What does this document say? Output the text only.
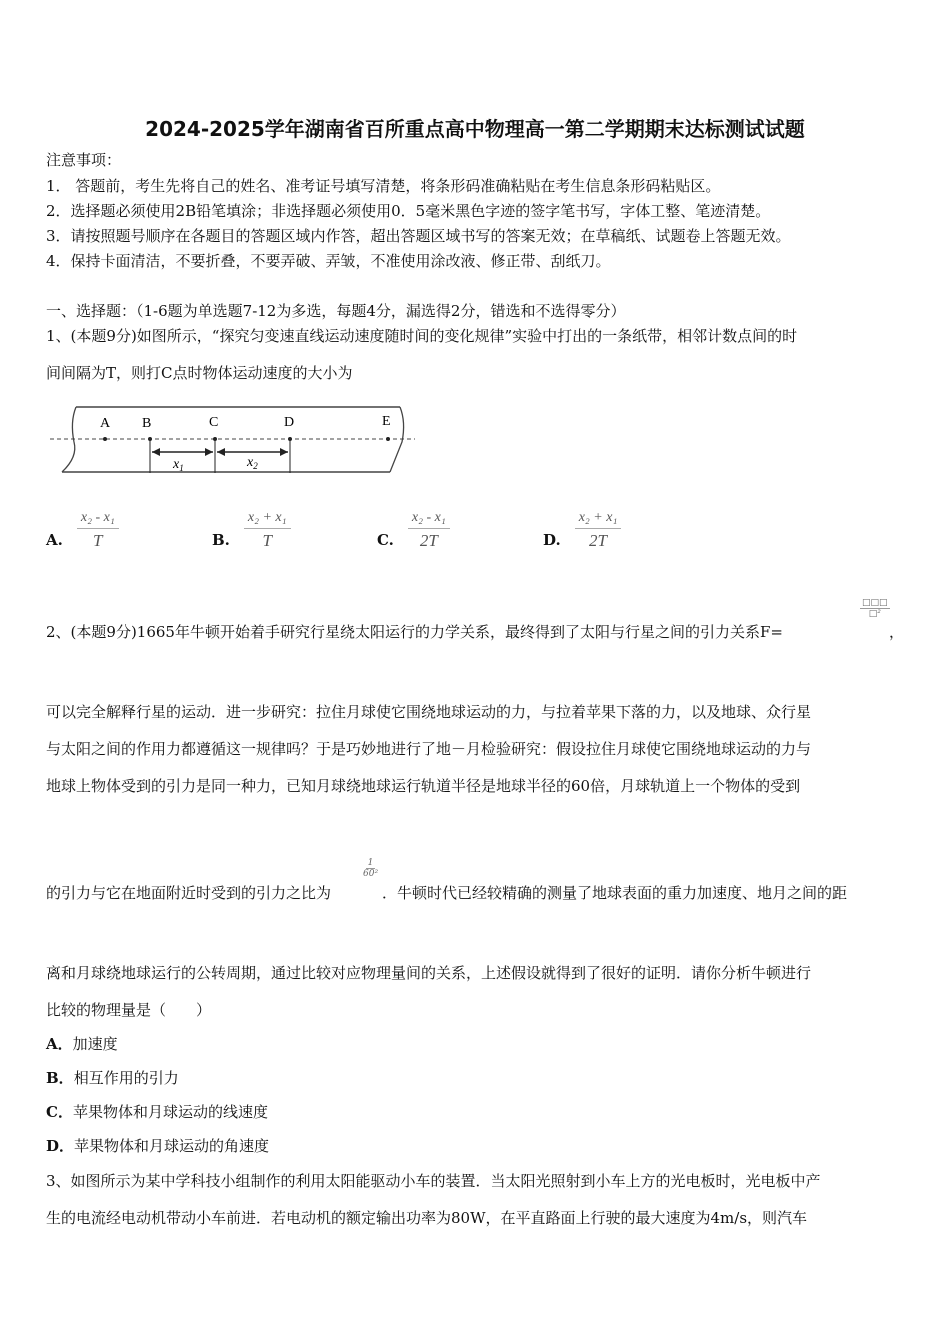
2024-2025学年湖南省百所重点高中物理高一第二学期期末达标测试试题
注意事项：
1． 答题前，考生先将自己的姓名、准考证号填写清楚，将条形码准确粘贴在考生信息条形码粘贴区。
2．选择题必须使用2B铅笔填涂；非选择题必须使用0．5毫米黑色字迹的签字笔书写，字体工整、笔迹清楚。
3．请按照题号顺序在各题目的答题区域内作答，超出答题区域书写的答案无效；在草稿纸、试题卷上答题无效。
4．保持卡面清洁，不要折叠，不要弄破、弄皱，不准使用涂改液、修正带、刮纸刀。
一、选择题：（1-6题为单选题7-12为多选，每题4分，漏选得2分，错选和不选得零分）
1、(本题9分)如图所示，“探究匀变速直线运动速度随时间的变化规律”实验中打出的一条纸带，相邻计数点间的时
间间隔为T，则打C点时物体运动速度的大小为
A B	C	D	E
$x_1$	$x_2$
A. $\frac{\text{x₂ - x₁}}{T}$	B. $\frac{\text{x₂ + x₁}}{T}$	C. $\frac{\text{x₂ - x₁}}{2T}$	D. $\frac{\text{x₂ + x₁}}{2T}$
2、(本题9分)1665年牛顿开始着手研究行星绕太阳运行的力学关系，最终得到了太阳与行星之间的引力关系F=
□□□
□²
，
可以完全解释行星的运动．进一步研究：拉住月球使它围绕地球运动的力，与拉着苹果下落的力，以及地球、众行星
与太阳之间的作用力都遵循这一规律吗？于是巧妙地进行了地－月检验研究：假设拉住月球使它围绕地球运动的力与
地球上物体受到的引力是同一种力，已知月球绕地球运行轨道半径是地球半径的60倍，月球轨道上一个物体的受到
的引力与它在地面附近时受到的引力之比为
$\frac{1}{\text{60²}}$
．牛顿时代已经较精确的测量了地球表面的重力加速度、地月之间的距
离和月球绕地球运行的公转周期，通过比较对应物理量间的关系，上述假设就得到了很好的证明．请你分析牛顿进行
比较的物理量是（　　）
A．加速度
B．相互作用的引力
C．苹果物体和月球运动的线速度
D．苹果物体和月球运动的角速度
3、如图所示为某中学科技小组制作的利用太阳能驱动小车的装置．当太阳光照射到小车上方的光电板时，光电板中产
生的电流经电动机带动小车前进．若电动机的额定输出功率为80W，在平直路面上行驶的最大速度为4m/s，则汽车
